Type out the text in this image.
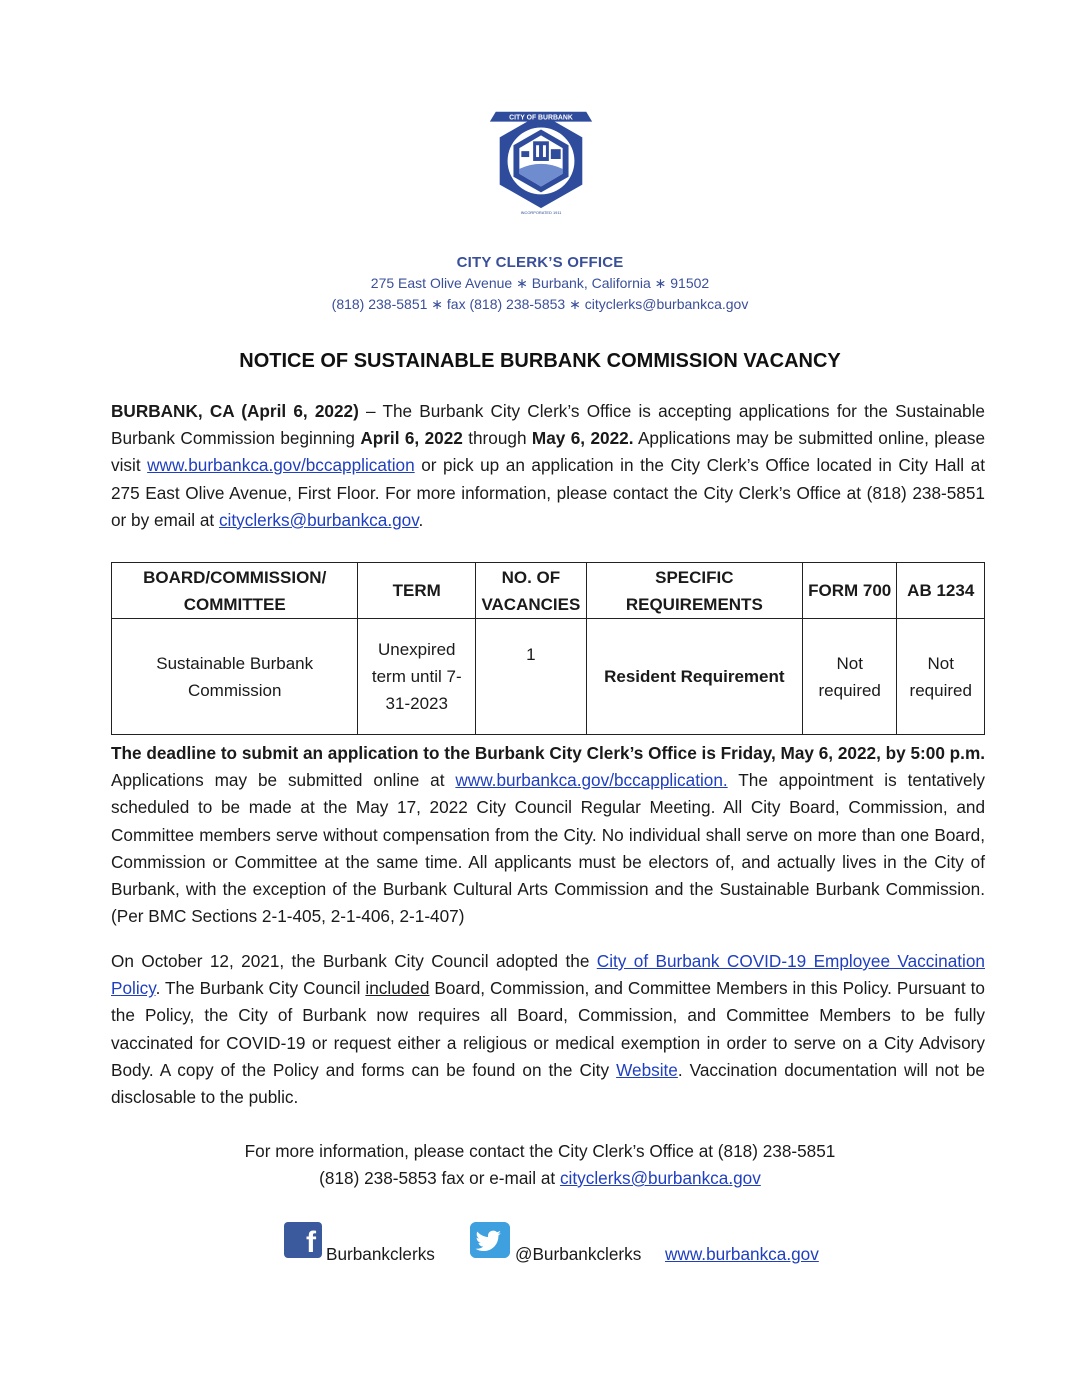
CITY OF BURBANK
INCORPORATED 1911
CITY CLERK’S OFFICE
275 East Olive Avenue ∗ Burbank, California ∗ 91502
(818) 238-5851 ∗ fax (818) 238-5853 ∗ cityclerks@burbankca.gov
NOTICE OF SUSTAINABLE BURBANK COMMISSION VACANCY
BURBANK, CA (April 6, 2022) – The Burbank City Clerk’s Office is accepting applications for the Sustainable Burbank Commission beginning April 6, 2022 through May 6, 2022. Applications may be submitted online, please visit www.burbankca.gov/bccapplication or pick up an application in the City Clerk’s Office located in City Hall at 275 East Olive Avenue, First Floor. For more information, please contact the City Clerk’s Office at (818) 238-5851 or by email at cityclerks@burbankca.gov.
BOARD/COMMISSION/ COMMITTEE	TERM	NO. OF VACANCIES	SPECIFIC REQUIREMENTS	FORM 700	AB 1234
Sustainable Burbank Commission	Unexpired term until 7-31-2023	1	Resident Requirement	Not required	Not required
The deadline to submit an application to the Burbank City Clerk’s Office is Friday, May 6, 2022, by 5:00 p.m. Applications may be submitted online at www.burbankca.gov/bccapplication. The appointment is tentatively scheduled to be made at the May 17, 2022 City Council Regular Meeting. All City Board, Commission, and Committee members serve without compensation from the City. No individual shall serve on more than one Board, Commission or Committee at the same time. All applicants must be electors of, and actually lives in the City of Burbank, with the exception of the Burbank Cultural Arts Commission and the Sustainable Burbank Commission. (Per BMC Sections 2-1-405, 2-1-406, 2-1-407)
On October 12, 2021, the Burbank City Council adopted the City of Burbank COVID-19 Employee Vaccination Policy. The Burbank City Council included Board, Commission, and Committee Members in this Policy. Pursuant to the Policy, the City of Burbank now requires all Board, Commission, and Committee Members to be fully vaccinated for COVID-19 or request either a religious or medical exemption in order to serve on a City Advisory Body. A copy of the Policy and forms can be found on the City Website. Vaccination documentation will not be disclosable to the public.
For more information, please contact the City Clerk’s Office at (818) 238-5851
(818) 238-5853 fax or e-mail at cityclerks@burbankca.gov
f Burbankclerks	@Burbankclerks www.burbankca.gov
